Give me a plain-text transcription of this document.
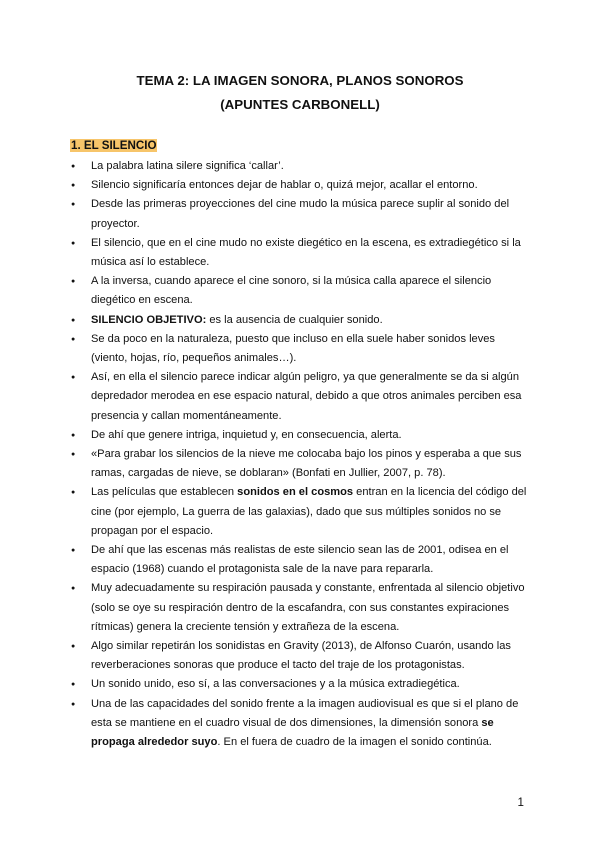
TEMA 2: LA IMAGEN SONORA, PLANOS SONOROS
(APUNTES CARBONELL)
1. EL SILENCIO
● La palabra latina silere significa ‘callar’.
● Silencio significaría entonces dejar de hablar o, quizá mejor, acallar el entorno.
● Desde las primeras proyecciones del cine mudo la música parece suplir al sonido del proyector.
● El silencio, que en el cine mudo no existe diegético en la escena, es extradiegético si la música así lo establece.
● A la inversa, cuando aparece el cine sonoro, si la música calla aparece el silencio diegético en escena.
● SILENCIO OBJETIVO: es la ausencia de cualquier sonido.
● Se da poco en la naturaleza, puesto que incluso en ella suele haber sonidos leves (viento, hojas, río, pequeños animales…).
● Así, en ella el silencio parece indicar algún peligro, ya que generalmente se da si algún depredador merodea en ese espacio natural, debido a que otros animales perciben esa presencia y callan momentáneamente.
● De ahí que genere intriga, inquietud y, en consecuencia, alerta.
● «Para grabar los silencios de la nieve me colocaba bajo los pinos y esperaba a que sus ramas, cargadas de nieve, se doblaran» (Bonfati en Jullier, 2007, p. 78).
● Las películas que establecen sonidos en el cosmos entran en la licencia del código del cine (por ejemplo, La guerra de las galaxias), dado que sus múltiples sonidos no se propagan por el espacio.
● De ahí que las escenas más realistas de este silencio sean las de 2001, odisea en el espacio (1968) cuando el protagonista sale de la nave para repararla.
● Muy adecuadamente su respiración pausada y constante, enfrentada al silencio objetivo (solo se oye su respiración dentro de la escafandra, con sus constantes expiraciones rítmicas) genera la creciente tensión y extrañeza de la escena.
● Algo similar repetirán los sonidistas en Gravity (2013), de Alfonso Cuarón, usando las reverberaciones sonoras que produce el tacto del traje de los protagonistas.
● Un sonido unido, eso sí, a las conversaciones y a la música extradiegética.
● Una de las capacidades del sonido frente a la imagen audiovisual es que si el plano de esta se mantiene en el cuadro visual de dos dimensiones, la dimensión sonora se propaga alrededor suyo. En el fuera de cuadro de la imagen el sonido continúa.
1
